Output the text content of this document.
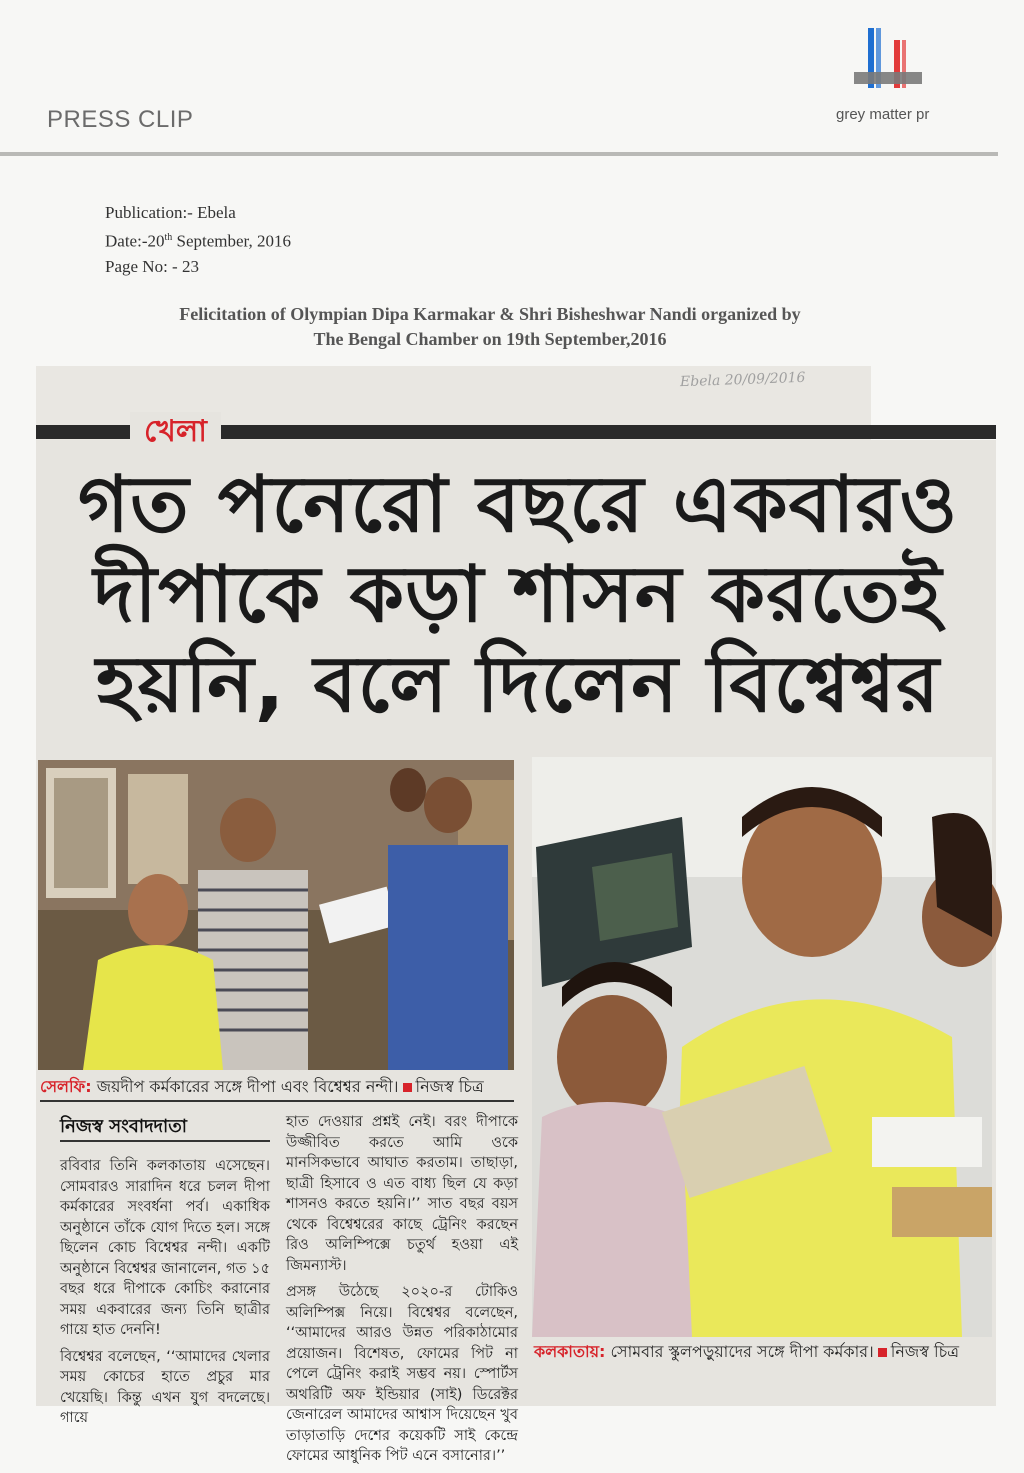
PRESS CLIP	grey matter pr
Publication:- Ebela
Date:-20th September, 2016
Page No: - 23
Felicitation of Olympian Dipa Karmakar & Shri Bisheshwar Nandi organized by
The Bengal Chamber on 19th September,2016
Ebela 20/09/2016
খেলা
গত পনেরো বছরে একবারও
দীপাকে কড়া শাসন করতেই
হয়নি, বলে দিলেন বিশ্বেশ্বর
সেলফি: জয়দীপ কর্মকারের সঙ্গে দীপা এবং বিশ্বেশ্বর নন্দী। নিজস্ব চিত্র
কলকাতায়: সোমবার স্কুলপড়ুয়াদের সঙ্গে দীপা কর্মকার। নিজস্ব চিত্র
নিজস্ব সংবাদদাতা

রবিবার তিনি কলকাতায় এসেছেন। সোমবারও সারাদিন ধরে চলল দীপা কর্মকারের সংবর্ধনা পর্ব। একাধিক অনুষ্ঠানে তাঁকে যোগ দিতে হল। সঙ্গে ছিলেন কোচ বিশ্বেশ্বর নন্দী। একটি অনুষ্ঠানে বিশ্বেশ্বর জানালেন, গত ১৫ বছর ধরে দীপাকে কোচিং করানোর সময় একবারের জন্য তিনি ছাত্রীর গায়ে হাত দেননি!

বিশ্বেশ্বর বলেছেন, ‘‘আমাদের খেলার সময় কোচের হাতে প্রচুর মার খেয়েছি। কিন্তু এখন যুগ বদলেছে। গায়ে

হাত দেওয়ার প্রশ্নই নেই। বরং দীপাকে উজ্জীবিত করতে আমি ওকে মানসিকভাবে আঘাত করতাম। তাছাড়া, ছাত্রী হিসাবে ও এত বাধ্য ছিল যে কড়া শাসনও করতে হয়নি।’’ সাত বছর বয়স থেকে বিশ্বেশ্বরের কাছে ট্রেনিং করছেন রিও অলিম্পিক্সে চতুর্থ হওয়া এই জিমন্যাস্ট।

প্রসঙ্গ উঠেছে ২০২০-র টোকিও অলিম্পিক্স নিয়ে। বিশ্বেশ্বর বলেছেন, ‘‘আমাদের আরও উন্নত পরিকাঠামোর প্রয়োজন। বিশেষত, ফোমের পিট না পেলে ট্রেনিং করাই সম্ভব নয়। স্পোর্টস অথরিটি অফ ইন্ডিয়ার (সাই) ডিরেক্টর জেনারেল আমাদের আশ্বাস দিয়েছেন খুব তাড়াতাড়ি দেশের কয়েকটি সাই কেন্দ্রে ফোমের আধুনিক পিট এনে বসানোর।’’
